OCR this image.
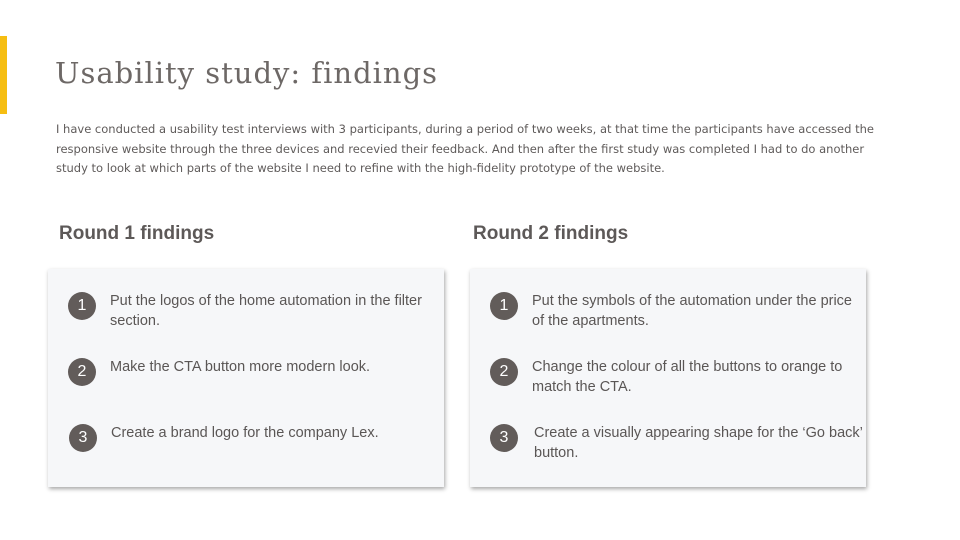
Usability study: findings

I have conducted a usability test interviews with 3 participants, during a period of two weeks, at that time the participants have accessed the responsive website through the three devices and recevied their feedback. And then after the first study was completed I had to do another study to look at which parts of the website I need to refine with the high-fidelity prototype of the website.

Round 1 findings
1	Put the logos of the home automation in the filter section.
2	Make the CTA button more modern look.
3	Create a brand logo for the company Lex.
Round 2 findings
1	Put the symbols of the automation under the price of the apartments.
2	Change the colour of all the buttons to orange to match the CTA.
3	Create a visually appearing shape for the ‘Go back’ button.
